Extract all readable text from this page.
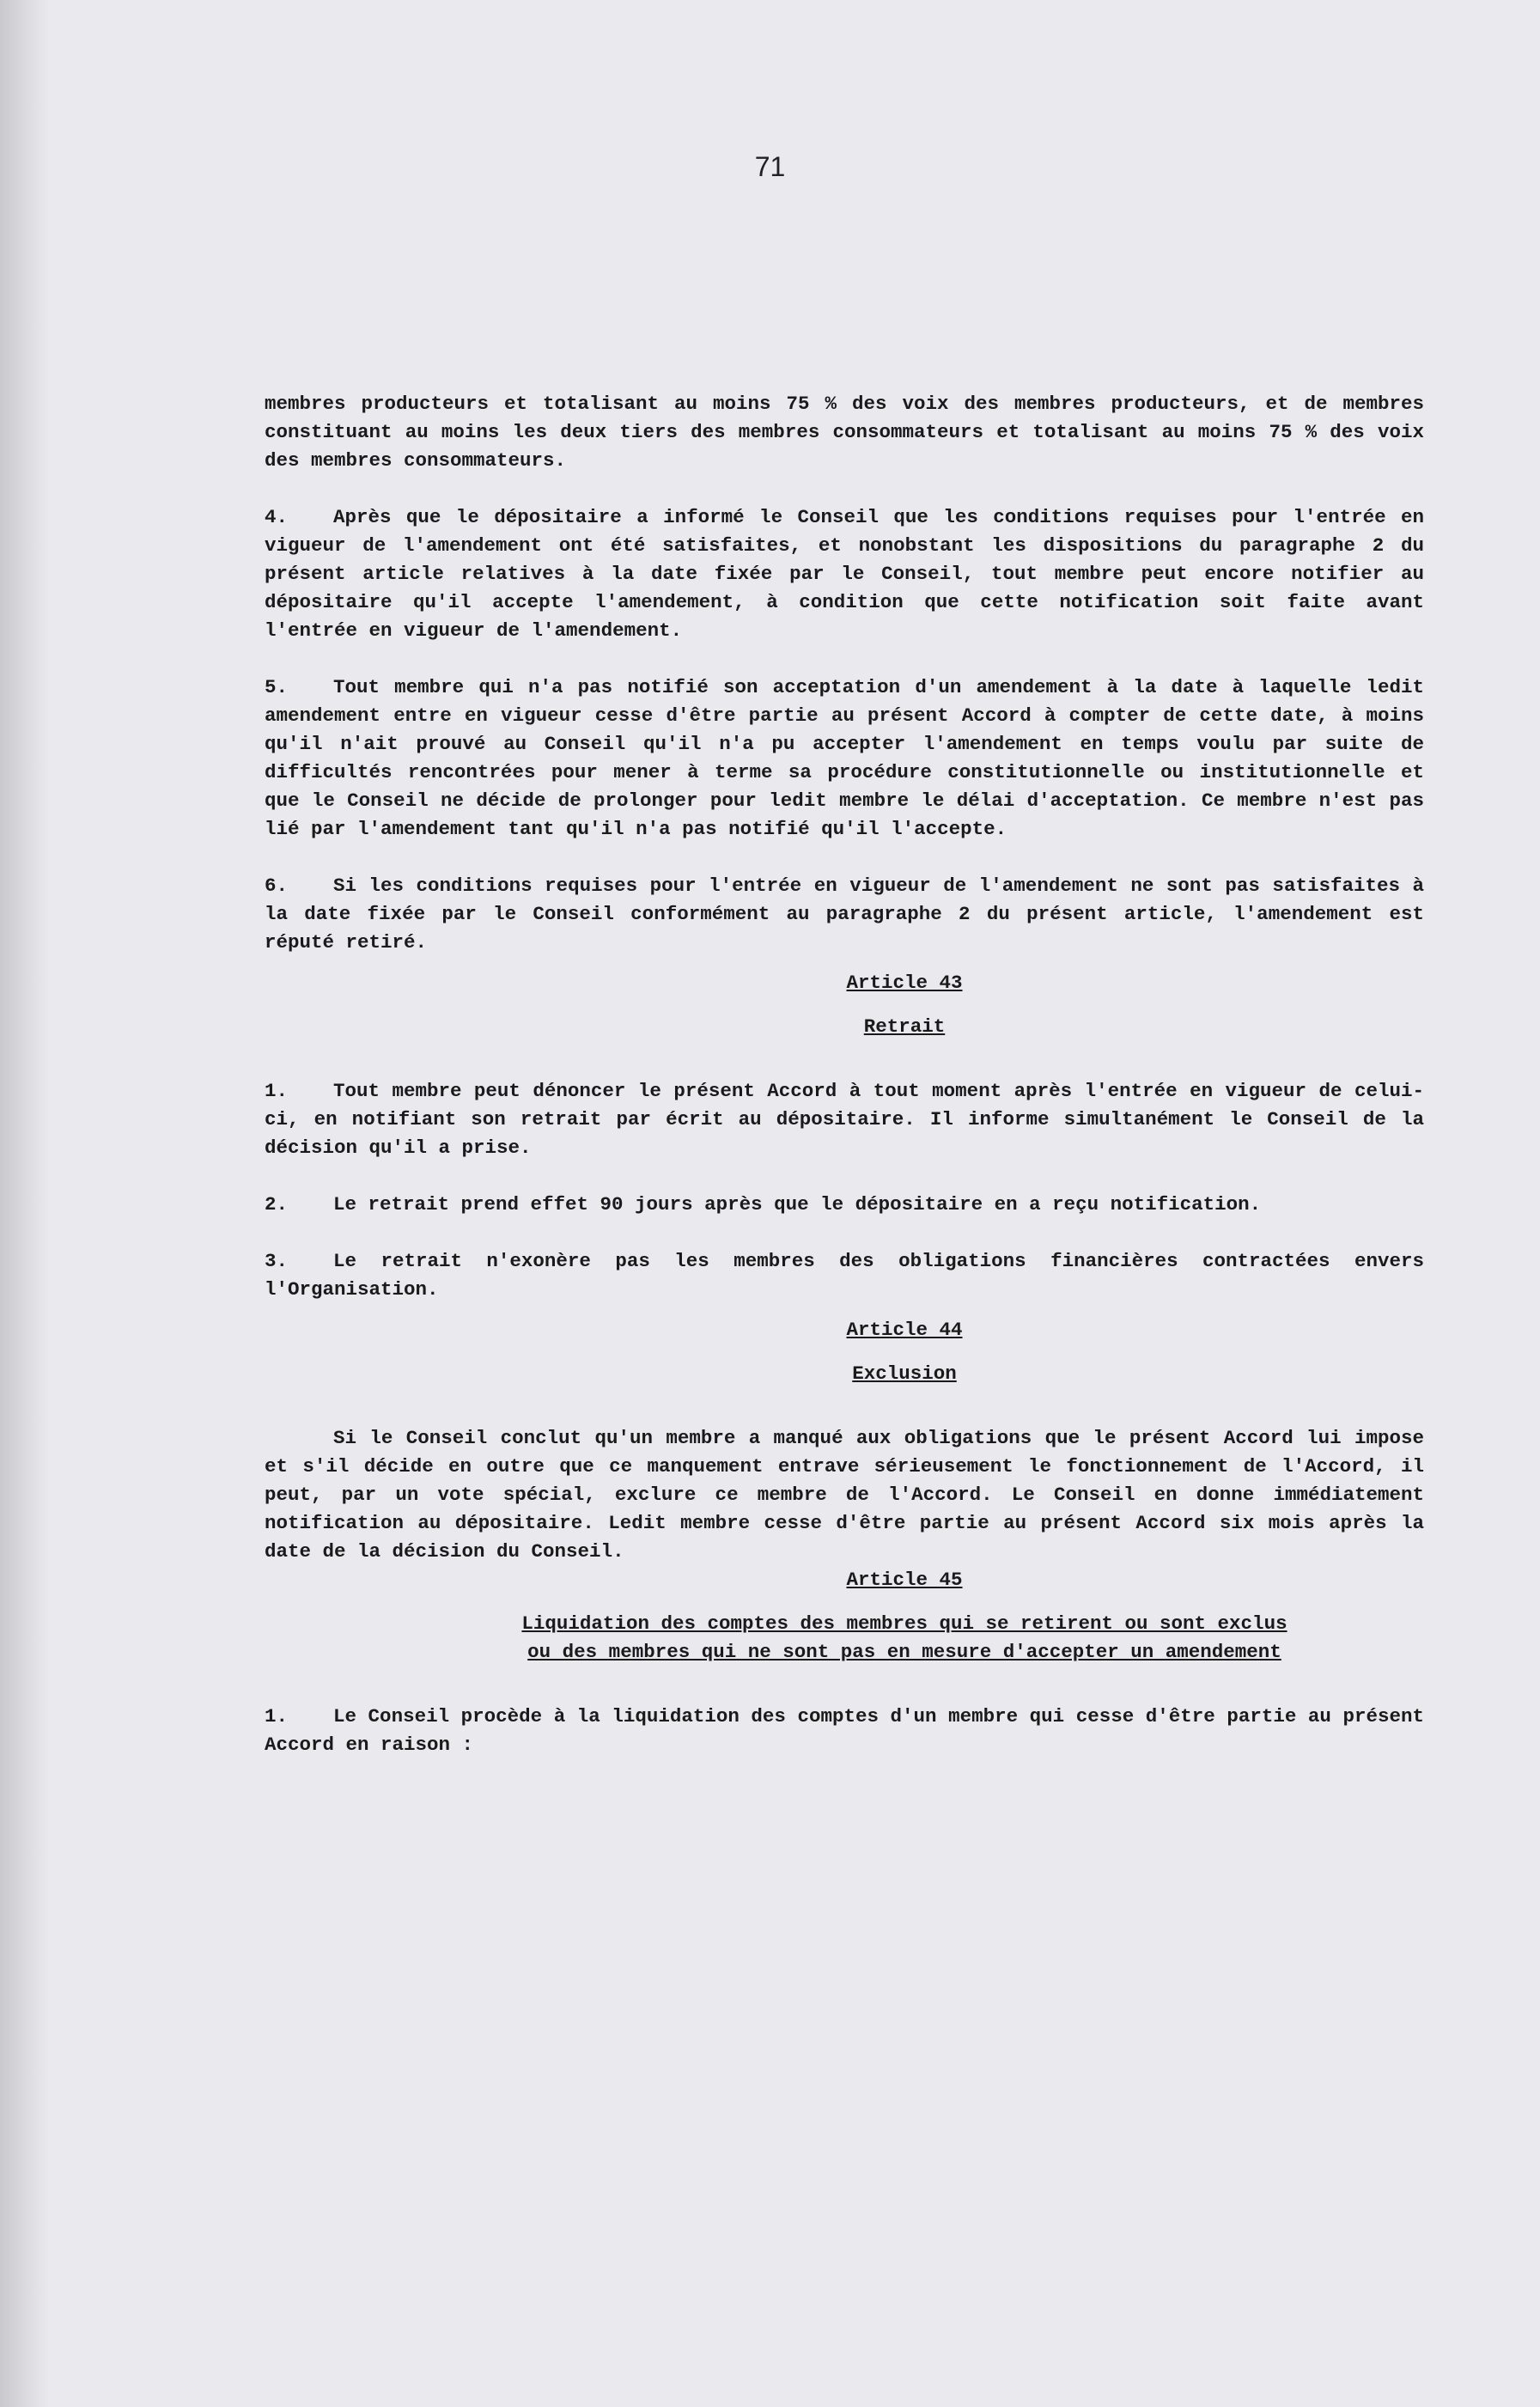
71

membres producteurs et totalisant au moins 75 % des voix des membres producteurs, et de membres constituant au moins les deux tiers des membres consommateurs et totalisant au moins 75 % des voix des membres consommateurs.

4. Après que le dépositaire a informé le Conseil que les conditions requises pour l'entrée en vigueur de l'amendement ont été satisfaites, et nonobstant les dispositions du paragraphe 2 du présent article relatives à la date fixée par le Conseil, tout membre peut encore notifier au dépositaire qu'il accepte l'amendement, à condition que cette notification soit faite avant l'entrée en vigueur de l'amendement.

5. Tout membre qui n'a pas notifié son acceptation d'un amendement à la date à laquelle ledit amendement entre en vigueur cesse d'être partie au présent Accord à compter de cette date, à moins qu'il n'ait prouvé au Conseil qu'il n'a pu accepter l'amendement en temps voulu par suite de difficultés rencontrées pour mener à terme sa procédure constitutionnelle ou institutionnelle et que le Conseil ne décide de prolonger pour ledit membre le délai d'acceptation. Ce membre n'est pas lié par l'amendement tant qu'il n'a pas notifié qu'il l'accepte.

6. Si les conditions requises pour l'entrée en vigueur de l'amendement ne sont pas satisfaites à la date fixée par le Conseil conformément au paragraphe 2 du présent article, l'amendement est réputé retiré.

Article 43
Retrait

1. Tout membre peut dénoncer le présent Accord à tout moment après l'entrée en vigueur de celui-ci, en notifiant son retrait par écrit au dépositaire. Il informe simultanément le Conseil de la décision qu'il a prise.

2. Le retrait prend effet 90 jours après que le dépositaire en a reçu notification.

3. Le retrait n'exonère pas les membres des obligations financières contractées envers l'Organisation.

Article 44
Exclusion

Si le Conseil conclut qu'un membre a manqué aux obligations que le présent Accord lui impose et s'il décide en outre que ce manquement entrave sérieusement le fonctionnement de l'Accord, il peut, par un vote spécial, exclure ce membre de l'Accord. Le Conseil en donne immédiatement notification au dépositaire. Ledit membre cesse d'être partie au présent Accord six mois après la date de la décision du Conseil.

Article 45
Liquidation des comptes des membres qui se retirent ou sont exclus
ou des membres qui ne sont pas en mesure d'accepter un amendement

1. Le Conseil procède à la liquidation des comptes d'un membre qui cesse d'être partie au présent Accord en raison :
